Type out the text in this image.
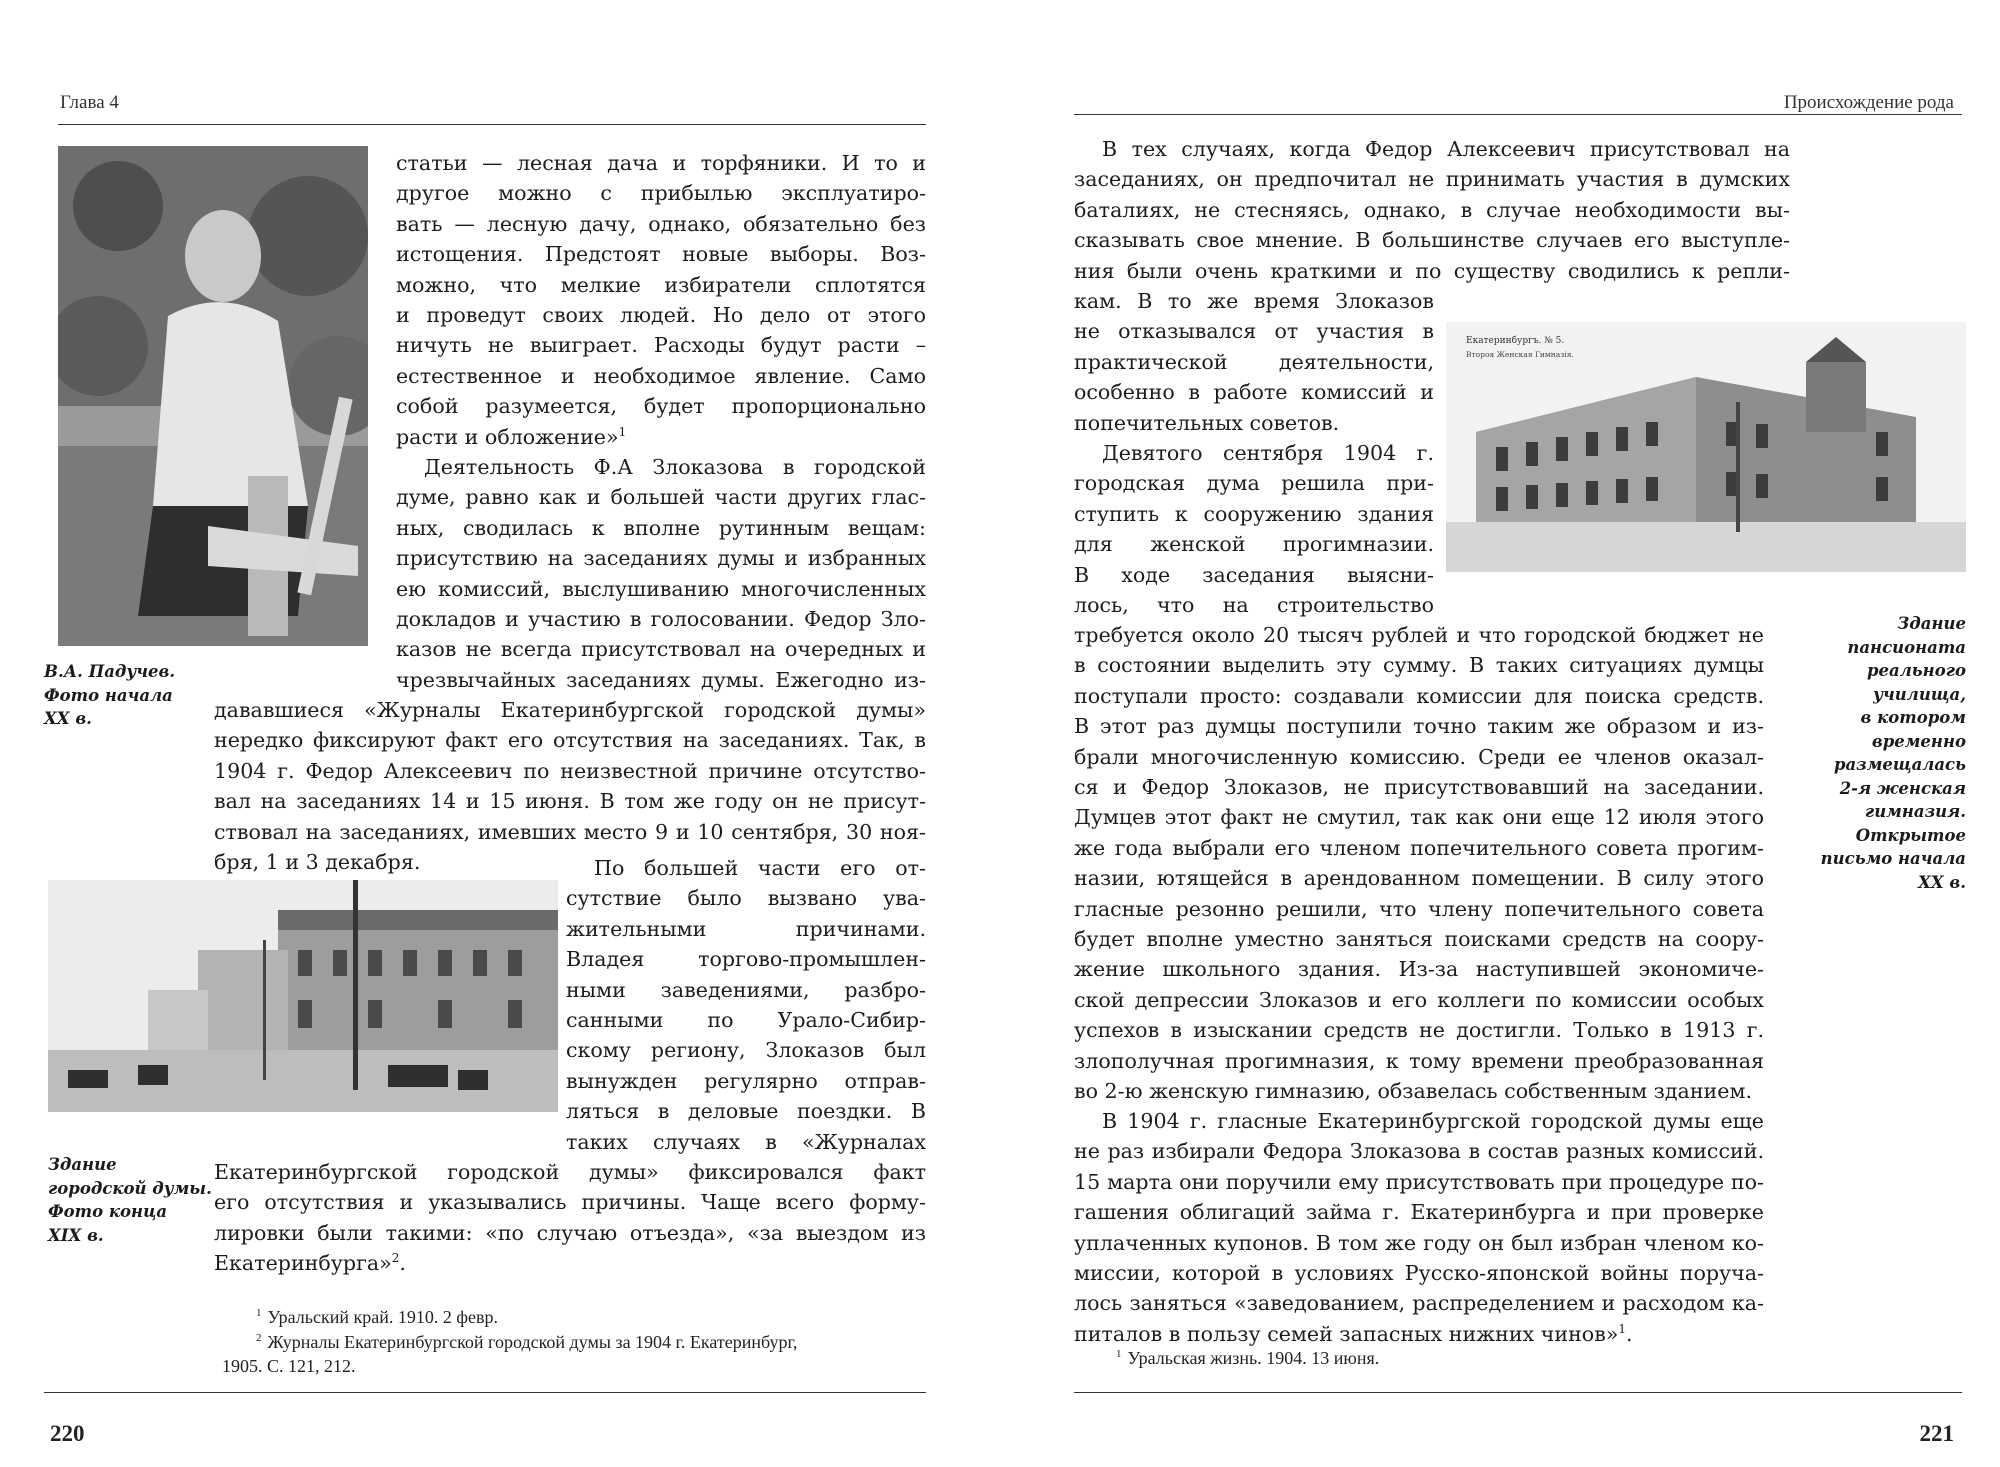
Глава 4
В.А. Падучев.
Фото начала
XX в.
статьи — лесная дача и торфяники. И то и
другое можно с прибылью эксплуатиро-
вать — лесную дачу, однако, обязательно без
истощения. Предстоят новые выборы. Воз-
можно, что мелкие избиратели сплотятся
и проведут своих людей. Но дело от этого
ничуть не выиграет. Расходы будут расти –
естественное и необходимое явление. Само
собой разумеется, будет пропорционально
расти и обложение»$^1$
Деятельность Ф.А Злоказова в городской
думе, равно как и большей части других глас-
ных, сводилась к вполне рутинным вещам:
присутствию на заседаниях думы и избранных
ею комиссий, выслушиванию многочисленных
докладов и участию в голосовании. Федор Зло-
казов не всегда присутствовал на очередных и
чрезвычайных заседаниях думы. Ежегодно из-
дававшиеся «Журналы Екатеринбургской городской думы»
нередко фиксируют факт его отсутствия на заседаниях. Так, в
1904 г. Федор Алексеевич по неизвестной причине отсутство-
вал на заседаниях 14 и 15 июня. В том же году он не присут-
ствовал на заседаниях, имевших место 9 и 10 сентября, 30 ноя-
бря, 1 и 3 декабря.
Здание
городской думы.
Фото конца
XIX в.
По большей части его от-
сутствие было вызвано ува-
жительными причинами.
Владея торгово-промышлен-
ными заведениями, разбро-
санными по Урало-Сибир-
скому региону, Злоказов был
вынужден регулярно отправ-
ляться в деловые поездки. В
таких случаях в «Журналах
Екатеринбургской городской думы» фиксировался факт
его отсутствия и указывались причины. Чаще всего форму-
лировки были такими: «по случаю отъезда», «за выездом из
Екатеринбурга»$^2$.

$^1$ Уральский край. 1910. 2 февр.

$^2$ Журналы Екатеринбургской городской думы за 1904 г. Екатеринбург,

1905. С. 121, 212.

220
Происхождение рода
В тех случаях, когда Федор Алексеевич присутствовал на
заседаниях, он предпочитал не принимать участия в думских
баталиях, не стесняясь, однако, в случае необходимости вы-
сказывать свое мнение. В большинстве случаев его выступле-
ния были очень краткими и по существу сводились к репли-
кам. В то же время Злоказов
не отказывался от участия в
практической деятельности,
особенно в работе комиссий и
попечительных советов.
Девятого сентября 1904 г.
городская дума решила при-
ступить к сооружению здания
для женской прогимназии.
В ходе заседания выясни-
лось, что на строительство
Екатеринбургъ. № 5.
Второя Женская Гимназія.
Здание
пансионата
реального
училища,
в котором
временно
размещалась
2-я женская
гимназия.
Открытое
письмо начала
XX в.
требуется около 20 тысяч рублей и что городской бюджет не
в состоянии выделить эту сумму. В таких ситуациях думцы
поступали просто: создавали комиссии для поиска средств.
В этот раз думцы поступили точно таким же образом и из-
брали многочисленную комиссию. Среди ее членов оказал-
ся и Федор Злоказов, не присутствовавший на заседании.
Думцев этот факт не смутил, так как они еще 12 июля этого
же года выбрали его членом попечительного совета прогим-
назии, ютящейся в арендованном помещении. В силу этого
гласные резонно решили, что члену попечительного совета
будет вполне уместно заняться поисками средств на соору-
жение школьного здания. Из-за наступившей экономиче-
ской депрессии Злоказов и его коллеги по комиссии особых
успехов в изыскании средств не достигли. Только в 1913 г.
злополучная прогимназия, к тому времени преобразованная
во 2-ю женскую гимназию, обзавелась собственным зданием.
В 1904 г. гласные Екатеринбургской городской думы еще
не раз избирали Федора Злоказова в состав разных комиссий.
15 марта они поручили ему присутствовать при процедуре по-
гашения облигаций займа г. Екатеринбурга и при проверке
уплаченных купонов. В том же году он был избран членом ко-
миссии, которой в условиях Русско-японской войны поруча-
лось заняться «заведованием, распределением и расходом ка-
питалов в пользу семей запасных нижних чинов»$^1$.

$^1$ Уральская жизнь. 1904. 13 июня.

221
